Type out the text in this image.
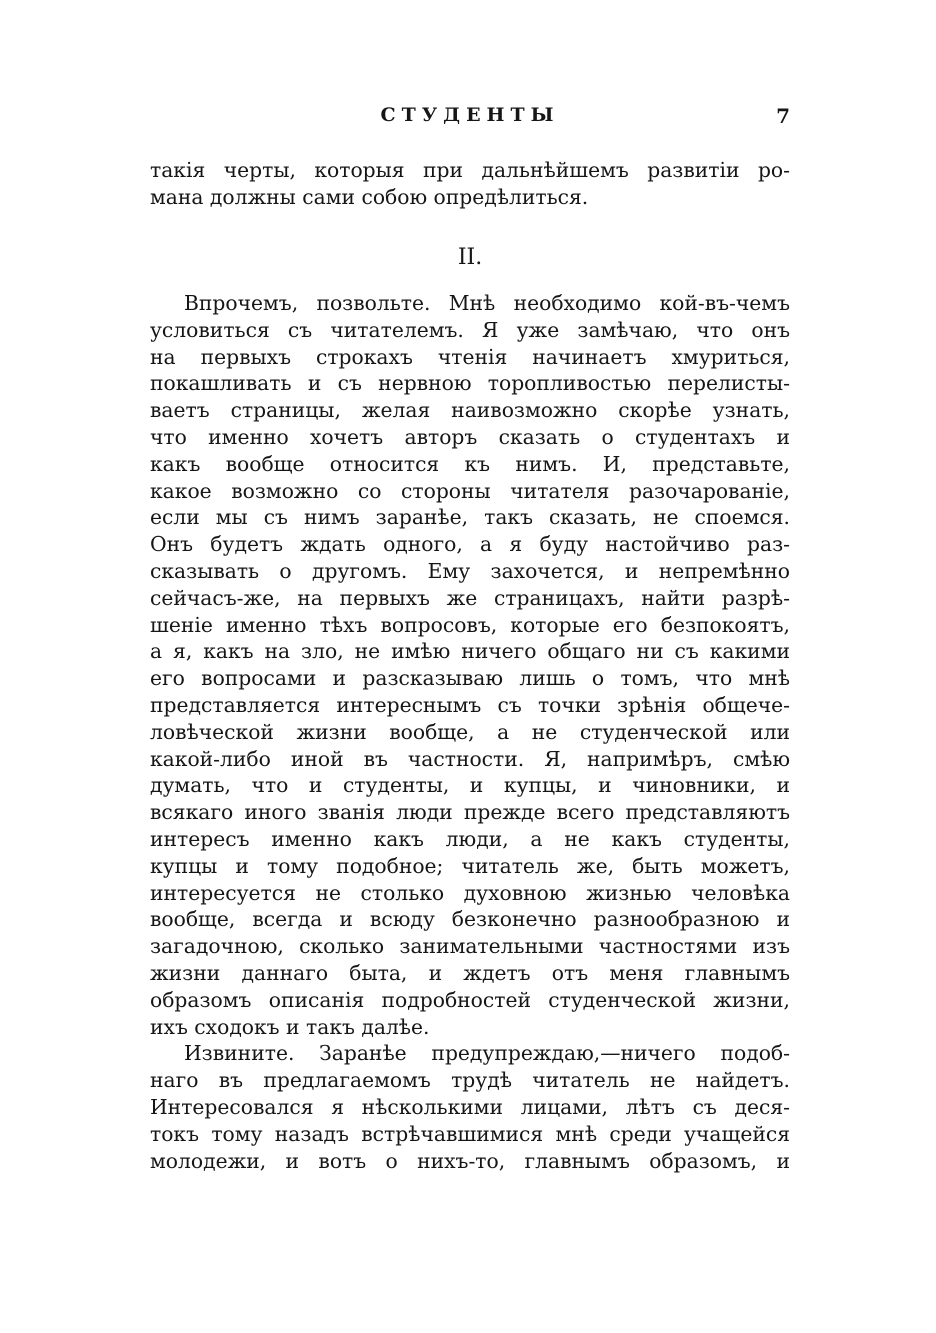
СТУДЕНТЫ	7
такія черты, которыя при дальнѣйшемъ развитіи ро-
мана должны сами собою опредѣлиться.
II.
Впрочемъ, позвольте. Мнѣ необходимо кой-въ-чемъ
условиться съ читателемъ. Я уже замѣчаю, что онъ
на первыхъ строкахъ чтенія начинаетъ хмуриться,
покашливать и съ нервною торопливостью перелисты-
ваетъ страницы, желая наивозможно скорѣе узнать,
что именно хочетъ авторъ сказать о студентахъ и
какъ вообще относится къ нимъ. И, представьте,
какое возможно со стороны читателя разочарованіе,
если мы съ нимъ заранѣе, такъ сказать, не споемся.
Онъ будетъ ждать одного, а я буду настойчиво раз-
сказывать о другомъ. Ему захочется, и непремѣнно
сейчасъ-же, на первыхъ же страницахъ, найти разрѣ-
шеніе именно тѣхъ вопросовъ, которые его безпокоятъ,
а я, какъ на зло, не имѣю ничего общаго ни съ какими
его вопросами и разсказываю лишь о томъ, что мнѣ
представляется интереснымъ съ точки зрѣнія общече-
ловѣческой жизни вообще, а не студенческой или
какой-либо иной въ частности. Я, напримѣръ, смѣю
думать, что и студенты, и купцы, и чиновники, и
всякаго иного званія люди прежде всего представляютъ
интересъ именно какъ люди, а не какъ студенты,
купцы и тому подобное; читатель же, быть можетъ,
интересуется не столько духовною жизнью человѣка
вообще, всегда и всюду безконечно разнообразною и
загадочною, сколько занимательными частностями изъ
жизни даннаго быта, и ждетъ отъ меня главнымъ
образомъ описанія подробностей студенческой жизни,
ихъ сходокъ и такъ далѣе.
Извините. Заранѣе предупреждаю,—ничего подоб-
наго въ предлагаемомъ трудѣ читатель не найдетъ.
Интересовался я нѣсколькими лицами, лѣтъ съ деся-
токъ тому назадъ встрѣчавшимися мнѣ среди учащейся
молодежи, и вотъ о нихъ-то, главнымъ образомъ, и
